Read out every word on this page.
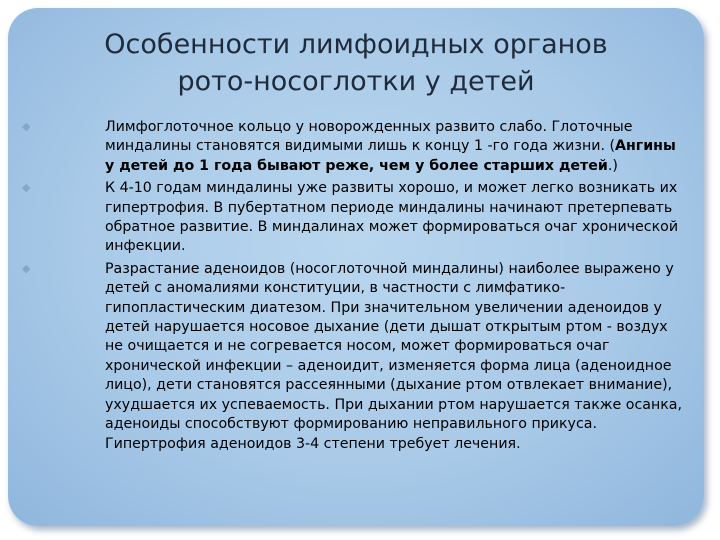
Особенности лимфоидных органов
рото-носоглотки у детей
◆	Лимфоглоточное кольцо у новорожденных развито слабо. Глоточные миндалины становятся видимыми лишь к концу 1 -го года жизни. (Ангины у детей до 1 года бывают реже, чем у более старших детей.)
◆	К 4-10 годам миндалины уже развиты хорошо, и может легко возникать их гипертрофия. В пубертатном периоде миндалины начинают претерпевать обратное развитие. В миндалинах может формироваться очаг хронической инфекции.
◆	Разрастание аденоидов (носоглоточной миндалины) наиболее выражено у детей с аномалиями конституции, в частности с лимфатико-гипопластическим диатезом. При значительном увеличении аденоидов у детей нарушается носовое дыхание (дети дышат открытым ртом - воздух не очищается и не согревается носом, может формироваться очаг хронической инфекции – аденоидит, изменяется форма лица (аденоидное лицо), дети становятся рассеянными (дыхание ртом отвлекает внимание), ухудшается их успеваемость. При дыхании ртом нарушается также осанка, аденоиды способствуют формированию неправильного прикуса. Гипертрофия аденоидов 3-4 степени требует лечения.
